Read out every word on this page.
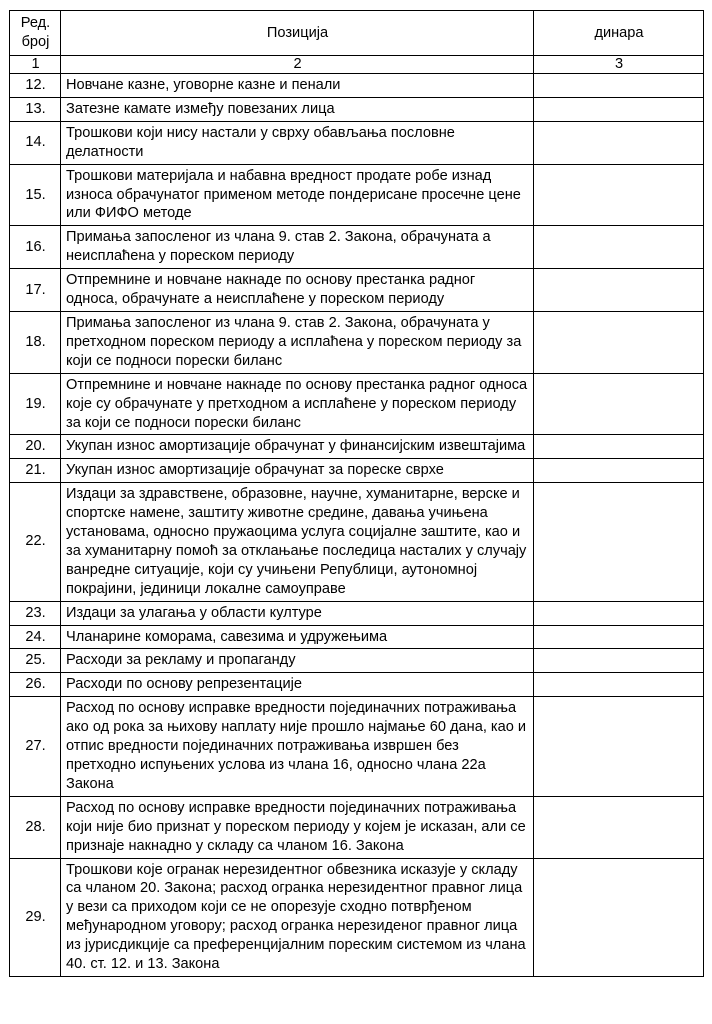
Ред.
број	Позиција	динара
1	2	3
12.	Новчане казне, уговорне казне и пенали	
13.	Затезне камате између повезаних лица	
14.	Трошкови који нису настали у сврху обављања пословне делатности	
15.	Трошкови материјала и набавна вредност продате робе изнад износа обрачунатог применом методе пондерисане просечне цене или ФИФО методе	
16.	Примања запосленог из члана 9. став 2. Закона, обрачуната а неисплаћена у пореском периоду	
17.	Отпремнине и новчане накнаде по основу престанка радног односа, обрачунате а неисплаћене у пореском периоду	
18.	Примања запосленог из члана 9. став 2. Закона, обрачуната у претходном пореском периоду а исплаћена у пореском периоду за који се подноси порески биланс	
19.	Отпремнине и новчане накнаде по основу престанка радног односа које су обрачунате у претходном а исплаћене у пореском периоду за који се подноси порески биланс	
20.	Укупан износ амортизације обрачунат у финансијским извештајима	
21.	Укупан износ амортизације обрачунат за пореске сврхе	
22.	Издаци за здравствене, образовне, научне, хуманитарне, верске и спортске намене, заштиту животне средине, давања учињена установама, односно пружаоцима услуга социјалне заштите, као и за хуманитарну помоћ за отклањање последица насталих у случају ванредне ситуације, који су учињени Републици, аутономној покрајини, јединици локалне самоуправе	
23.	Издаци за улагања у области културе	
24.	Чланарине коморама, савезима и удружењима	
25.	Расходи за рекламу и пропаганду	
26.	Расходи по основу репрезентације	
27.	Расход по основу исправке вредности појединачних потраживања ако од рока за њихову наплату није прошло најмање 60 дана, као и отпис вредности појединачних потраживања извршен без претходно испуњених услова из члана 16, односно члана 22а Закона	
28.	Расход по основу исправке вредности појединачних потраживања који није био признат у пореском периоду у којем је исказан, али се признаје накнадно у складу са чланом 16. Закона	
29.	Трошкови које огранак нерезидентног обвезника исказује у складу са чланом 20. Закона; расход огранка нерезидентног правног лица у вези са приходом који се не опорезује сходно потврђеном међународном уговору; расход огранка нерезиденог правног лица из јурисдикције са преференцијалним пореским системом из члана 40. ст. 12. и 13. Закона	
